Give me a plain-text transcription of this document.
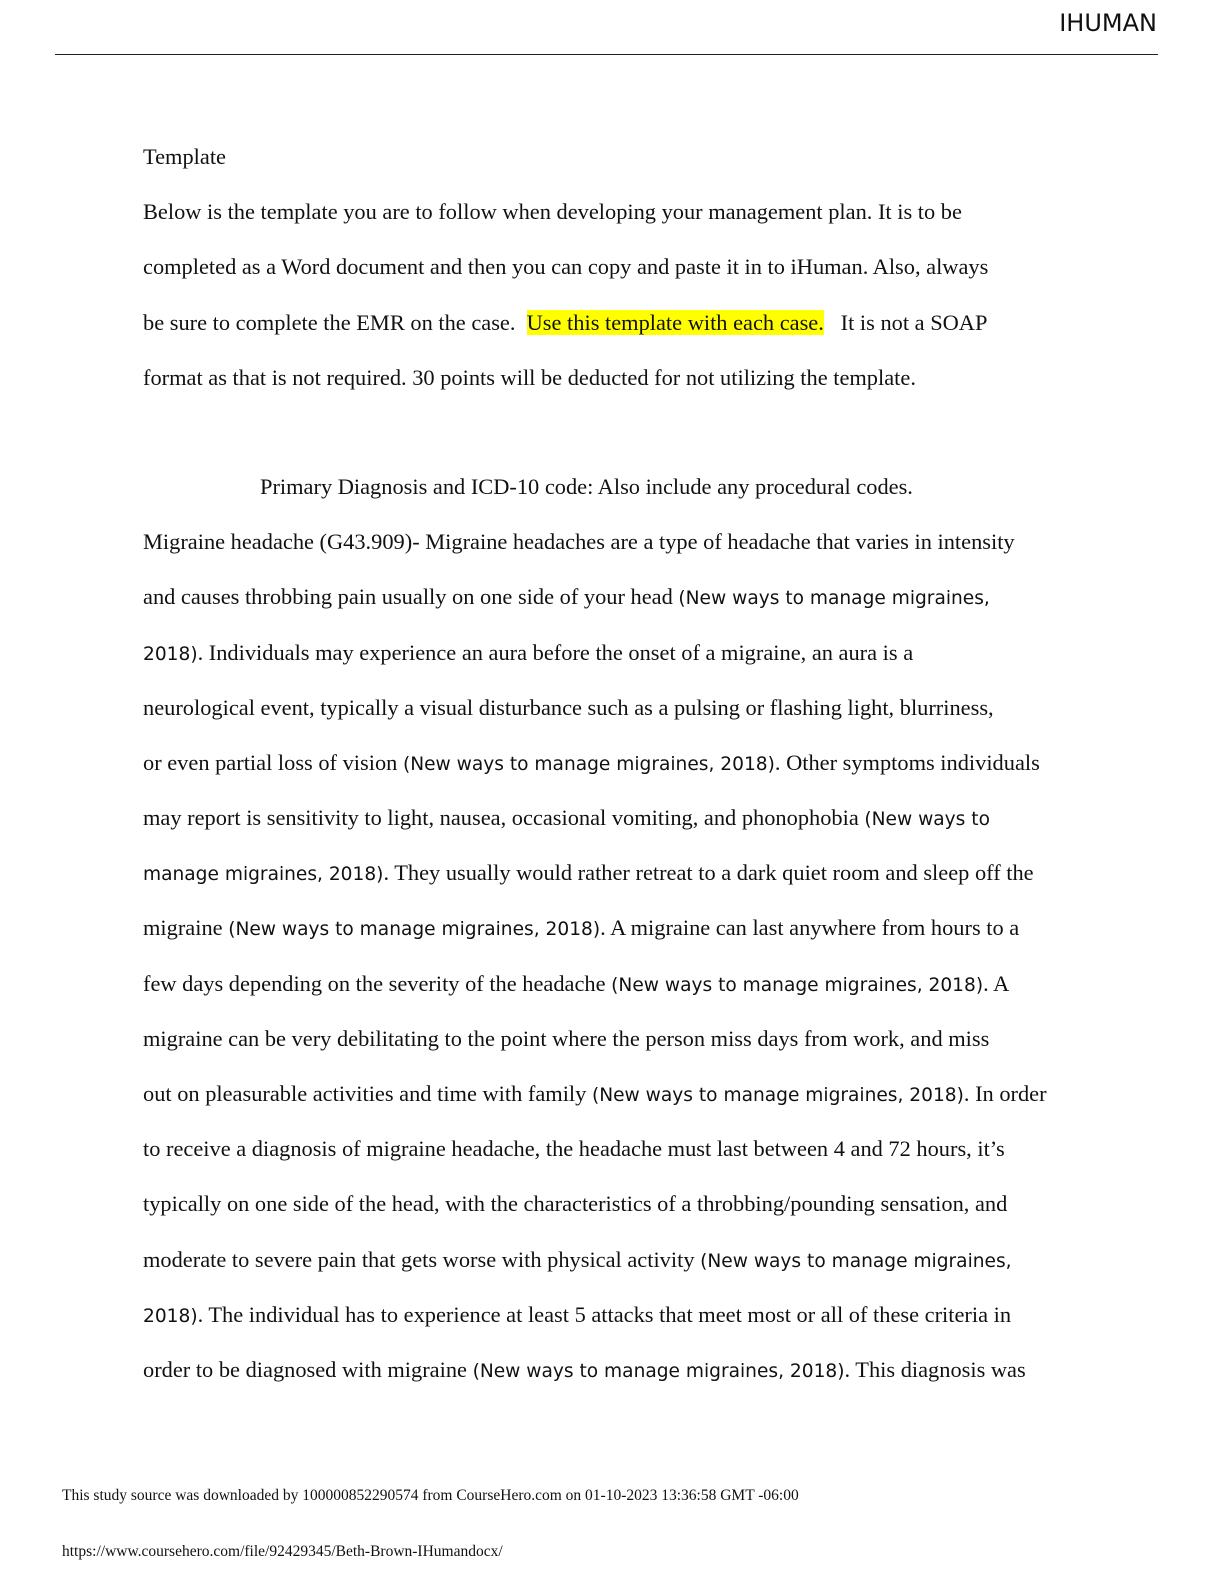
IHUMAN
Template
Below is the template you are to follow when developing your management plan. It is to be
completed as a Word document and then you can copy and paste it in to iHuman. Also, always
be sure to complete the EMR on the case.  Use this template with each case.   It is not a SOAP
format as that is not required. 30 points will be deducted for not utilizing the template.
Primary Diagnosis and ICD-10 code: Also include any procedural codes.
Migraine headache (G43.909)- Migraine headaches are a type of headache that varies in intensity
and causes throbbing pain usually on one side of your head (New ways to manage migraines,
2018). Individuals may experience an aura before the onset of a migraine, an aura is a
neurological event, typically a visual disturbance such as a pulsing or flashing light, blurriness,
or even partial loss of vision (New ways to manage migraines, 2018). Other symptoms individuals
may report is sensitivity to light, nausea, occasional vomiting, and phonophobia (New ways to
manage migraines, 2018). They usually would rather retreat to a dark quiet room and sleep off the
migraine (New ways to manage migraines, 2018). A migraine can last anywhere from hours to a
few days depending on the severity of the headache (New ways to manage migraines, 2018). A
migraine can be very debilitating to the point where the person miss days from work, and miss
out on pleasurable activities and time with family (New ways to manage migraines, 2018). In order
to receive a diagnosis of migraine headache, the headache must last between 4 and 72 hours, it’s
typically on one side of the head, with the characteristics of a throbbing/pounding sensation, and
moderate to severe pain that gets worse with physical activity (New ways to manage migraines,
2018). The individual has to experience at least 5 attacks that meet most or all of these criteria in
order to be diagnosed with migraine (New ways to manage migraines, 2018). This diagnosis was
This study source was downloaded by 100000852290574 from CourseHero.com on 01-10-2023 13:36:58 GMT -06:00
https://www.coursehero.com/file/92429345/Beth-Brown-IHumandocx/
